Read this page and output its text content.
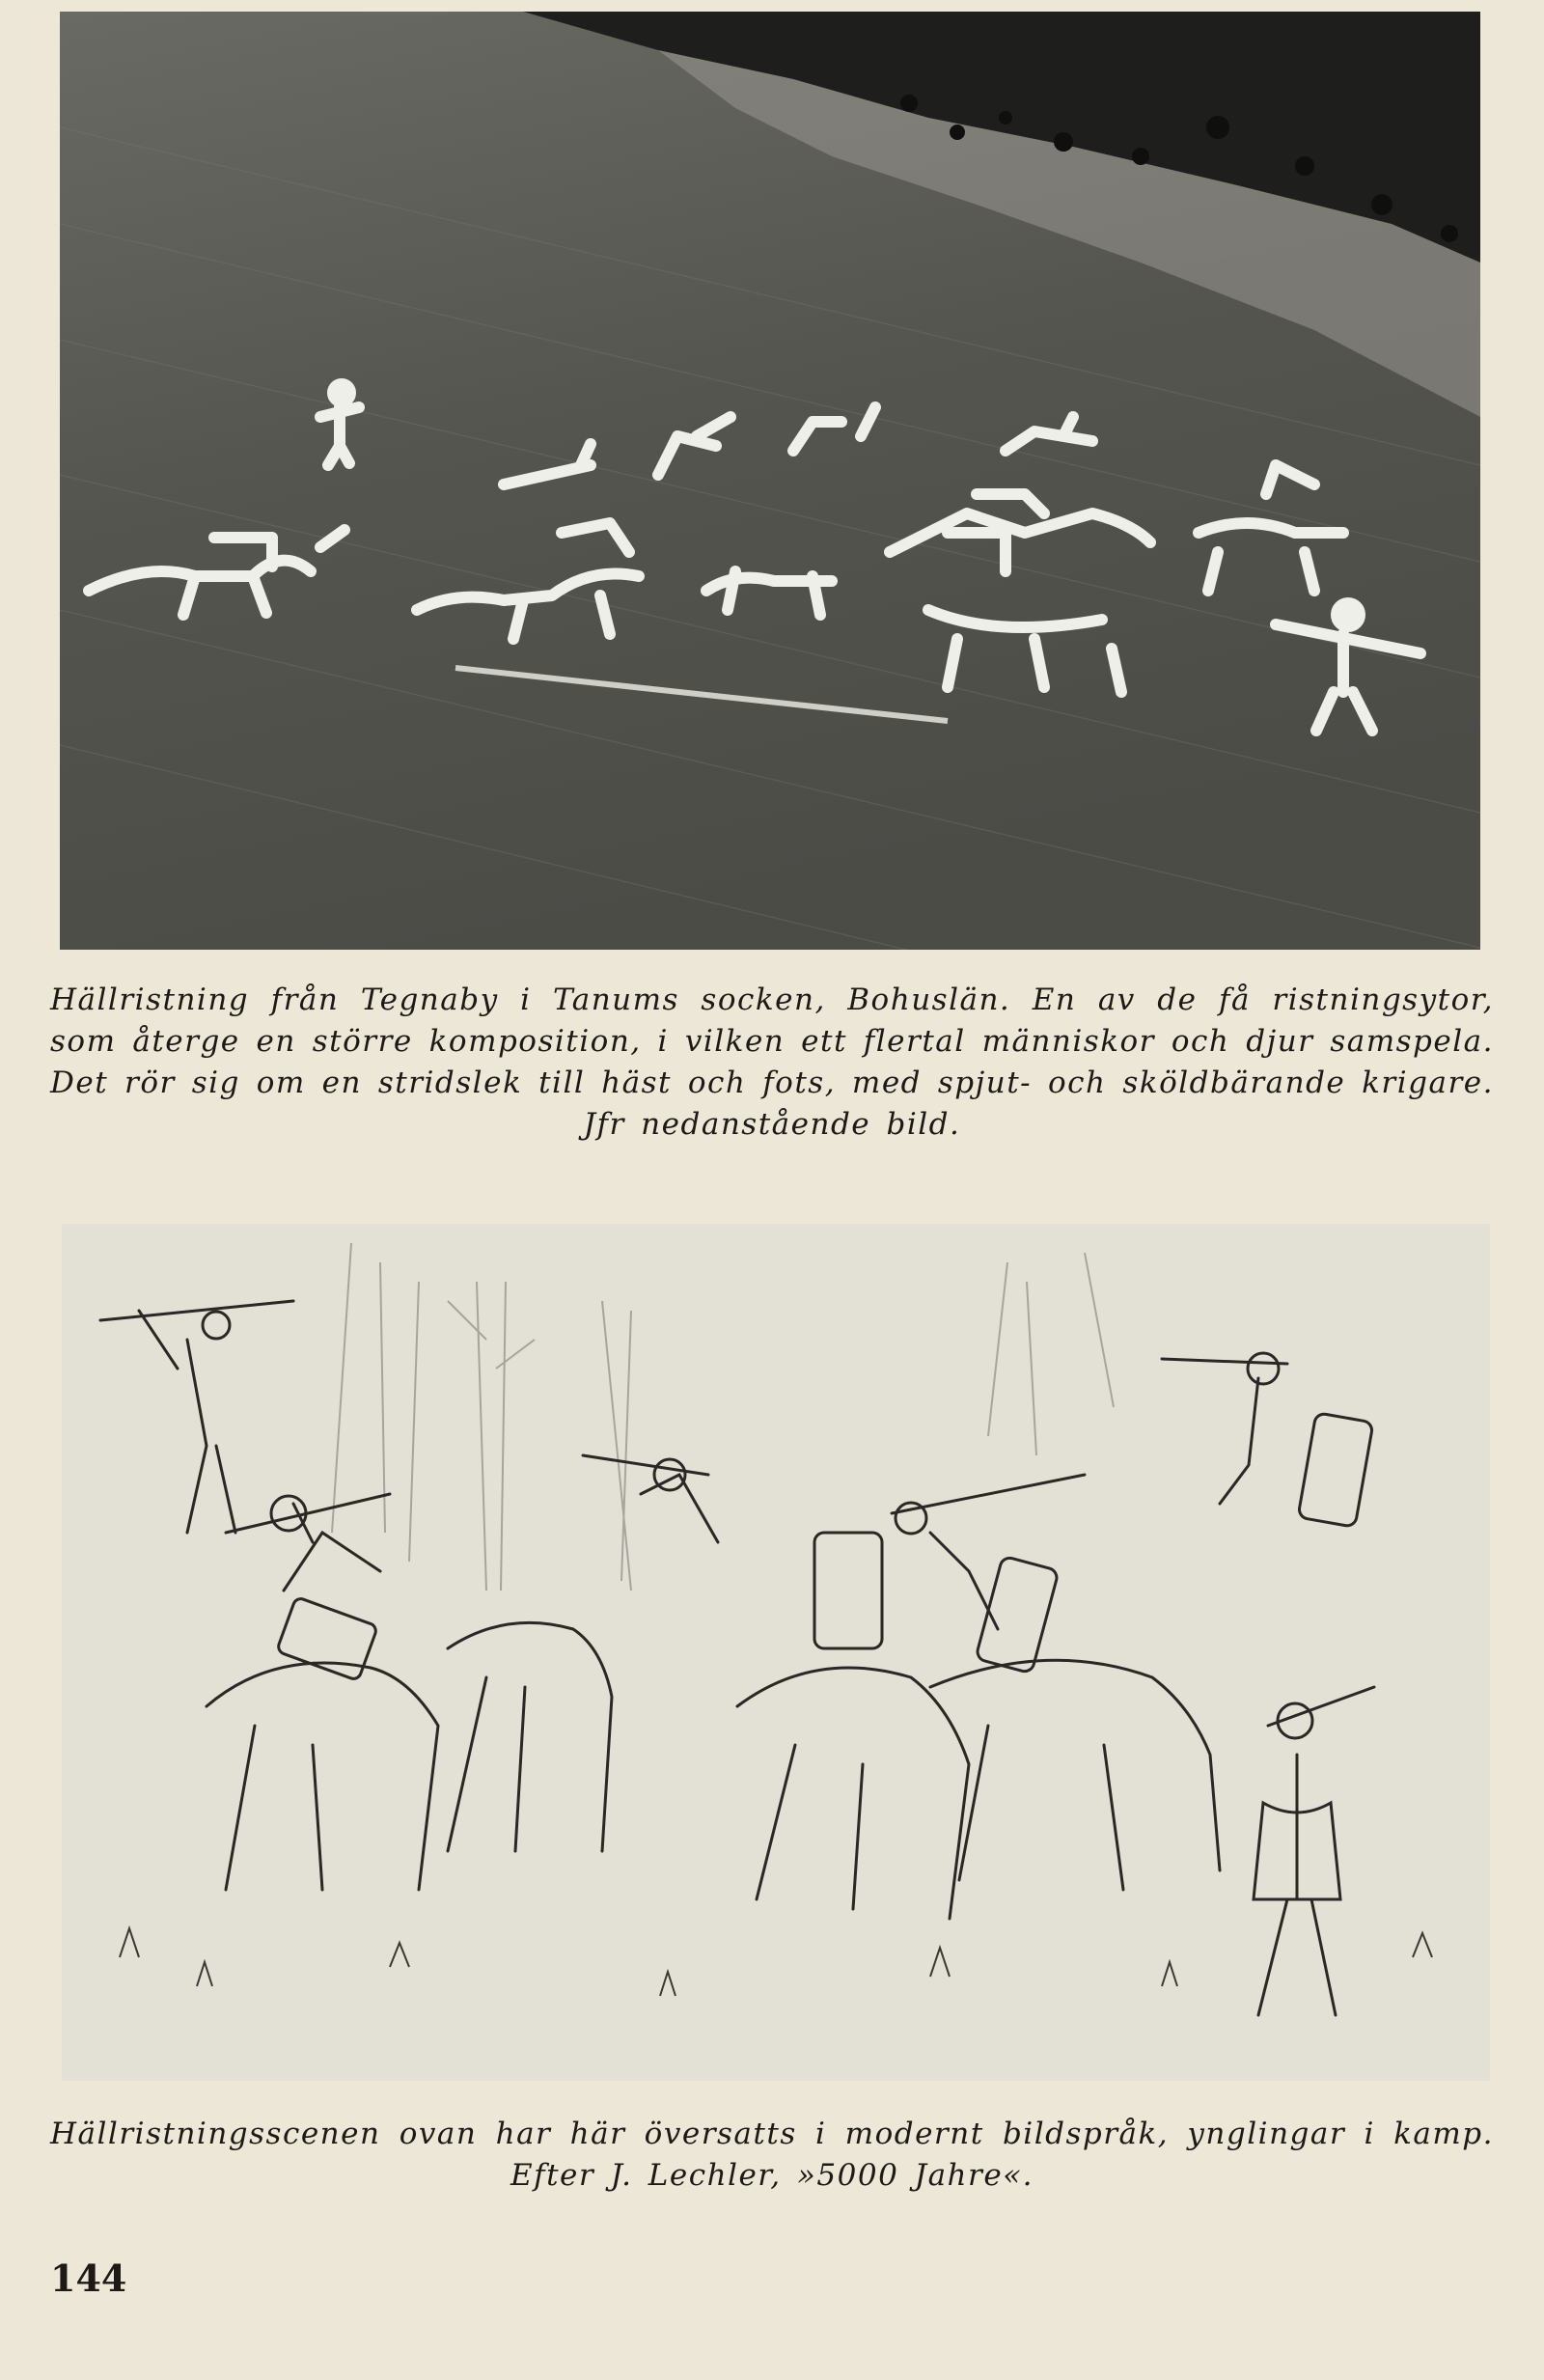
Hällristning från Tegnaby i Tanums socken, Bohuslän. En av de få ristningsytor, som återge en större komposition, i vilken ett flertal människor och djur samspela. Det rör sig om en stridslek till häst och fots, med spjut- och sköldbärande krigare. Jfr nedanstående bild.

Hällristningsscenen ovan har här översatts i modernt bildspråk, ynglingar i kamp. Efter J. Lechler, »5000 Jahre«.

144
